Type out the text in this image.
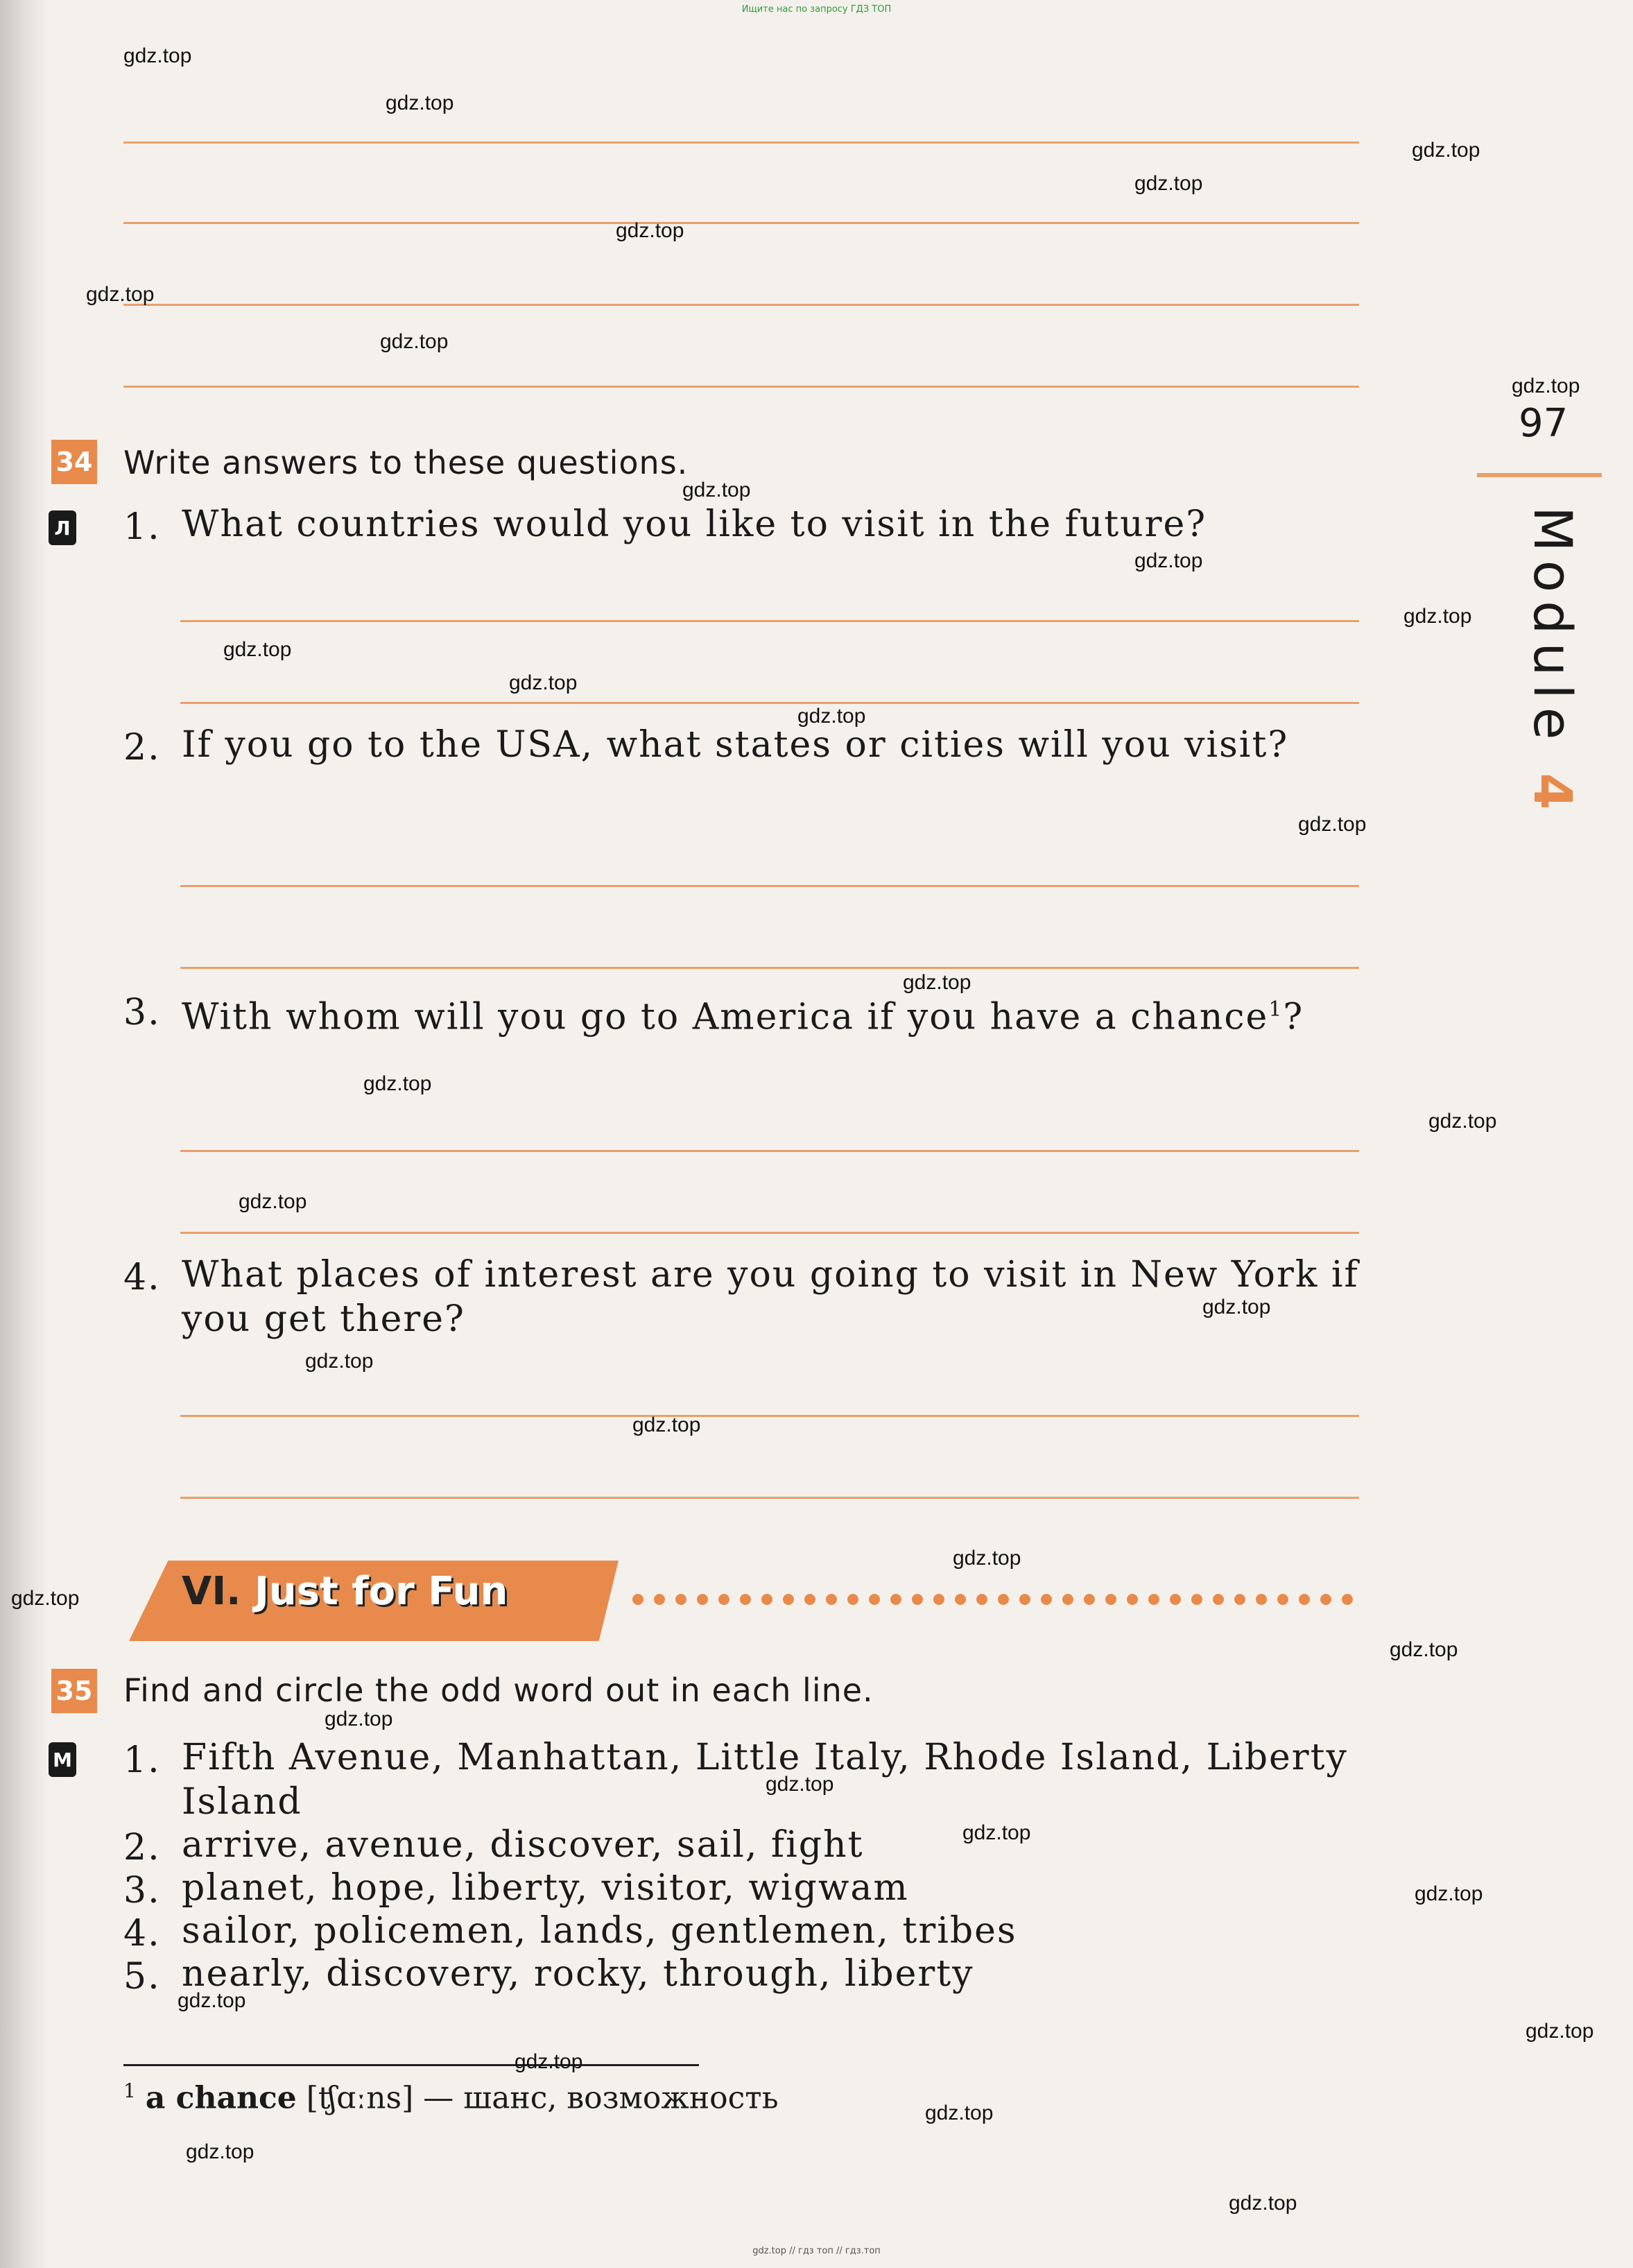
Ищите нас по запросу ГДЗ ТОП
97
Module 4
34 Write answers to these questions.
Л 1. What countries would you like to visit in the future?
2. If you go to the USA, what states or cities will you visit?
3. With whom will you go to America if you have a chance$^1$?
4. What places of interest are you going to visit in New York if you get there?
VI. Just for Fun
35 Find and circle the odd word out in each line.
М 1. Fifth Avenue, Manhattan, Little Italy, Rhode Island, Liberty Island
2. arrive, avenue, discover, sail, fight
3. planet, hope, liberty, visitor, wigwam
4. sailor, policemen, lands, gentlemen, tribes
5. nearly, discovery, rocky, through, liberty
$^1$ a chance [ʧɑːns] — шанс, возможность
gdz.top
gdz.top
gdz.top
gdz.top
gdz.top
gdz.top
gdz.top
gdz.top
gdz.top
gdz.top
gdz.top
gdz.top
gdz.top
gdz.top
gdz.top
gdz.top
gdz.top
gdz.top
gdz.top
gdz.top
gdz.top
gdz.top
gdz.top
gdz.top
gdz.top
gdz.top
gdz.top
gdz.top
gdz.top
gdz.top
gdz.top
gdz.top
gdz.top
gdz.top
gdz.top
gdz.top // гдз топ // гдз.топ
